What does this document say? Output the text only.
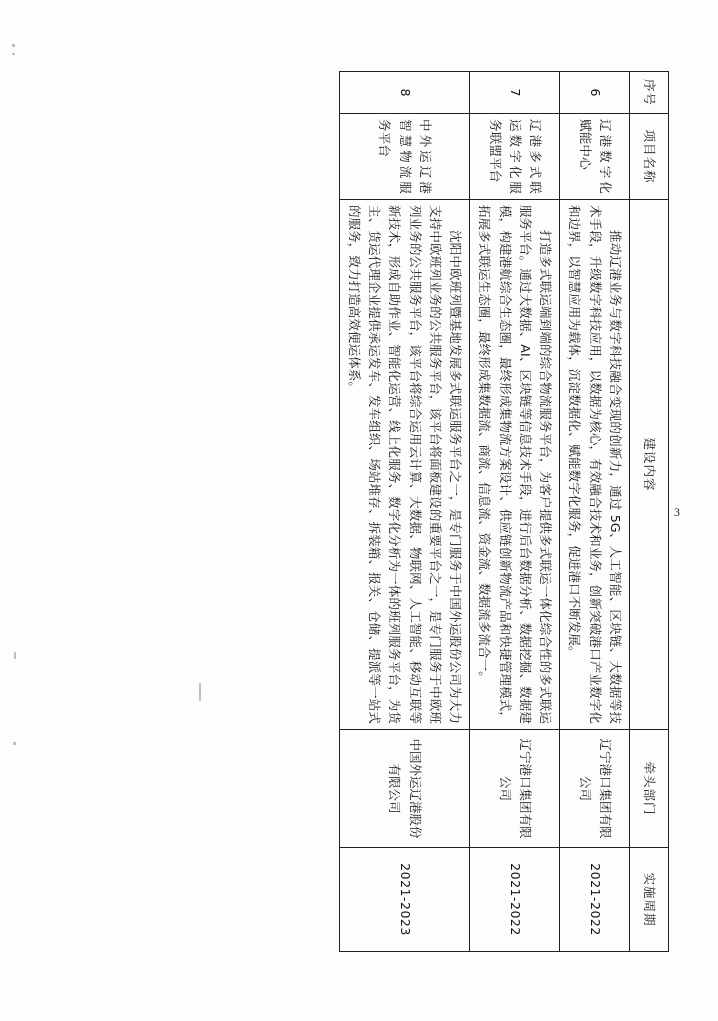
序号	项目名称	建设内容	牵头部门	实施周期
6	辽港数字化赋能中心	推动辽港业务与数字科技融合变现的创新力，通过 5G、人工智能、区块链、大数据等技术手段，升级数字科技应用，以数据为核心，有效融合技术和业务，创新突破港口产业数字化和边界，以智慧应用为载体，沉淀数据化、赋能数字化服务，促进港口不断发展。	辽宁港口集团有限公司	2021-2022
7	辽港多式联运数字化服务联盟平台	打造多式联运端到端的综合物流服务平台，为客户提供多式联运一体化综合性的多式联运服务平台。通过大数据、AI、区块链等信息技术手段，进行后台数据分析、数据挖掘、数据建模，构建港航综合生态圈，最终形成集物流方案设计、供应链创新物流产品和快捷管理模式，拓展多式联运生态圈，最终形成集数据流、商流、信息流、资金流、数据流多流合一。	辽宁港口集团有限公司	2021-2022
8	中外运辽港智慧物流服务平台	沈阳中欧班列暨基地发展多式联运服务平台之一，是专门服务于中国外运股份公司为大力支持中欧班列业务的公共服务平台，该平台将面板建设的重要平台之一，是专门服务于中欧班列业务的公共服务平台，该平台将综合运用云计算、大数据、物联网、人工智能、移动互联等新技术，形成自助作业、智能化运营、线上化服务、数字化分析为一体的班列服务平台，为货主、货运代理企业提供承运发车、发车组织、场站堆存、拆装箱、报关、仓储、提派等一站式的服务，致力打造高效便运体系。	中国外运辽港股份有限公司	2021-2023
3
